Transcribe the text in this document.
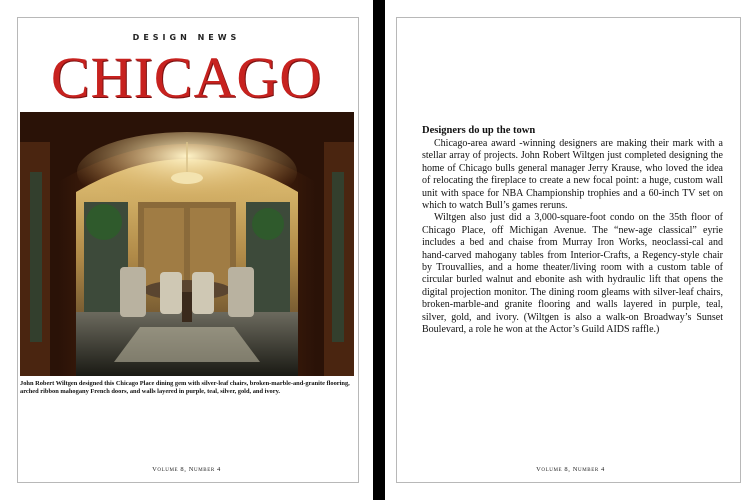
DESIGN NEWS
CHICAGO
John Robert Wiltgen designed this Chicago Place dining gem with silver-leaf chairs, broken-marble-and-granite flooring, arched ribbon mahogany French doors, and walls layered in purple, teal, silver, gold, and ivory.
Volume 8, Number 4
Designers do up the town

Chicago-area award -winning designers are making their mark with a stellar array of projects. John Robert Wiltgen just completed designing the home of Chicago bulls general manager Jerry Krause, who loved the idea of relocating the fireplace to create a new focal point: a huge, custom wall unit with space for NBA Championship trophies and a 60-inch TV set on which to watch Bull’s games reruns.

Wiltgen also just did a 3,000-square-foot condo on the 35th floor of Chicago Place, off Michigan Avenue. The “new-age classical” eyrie includes a bed and chaise from Murray Iron Works, neoclassi-cal and hand-carved mahogany tables from Interior-Crafts, a Regency-style chair by Trouvallies, and a home theater/living room with a custom table of circular burled walnut and ebonite ash with hydraulic lift that opens the digital projection monitor. The dining room gleams with silver-leaf chairs, broken-marble-and granite flooring and walls layered in purple, teal, silver, gold, and ivory. (Wiltgen is also a walk-on Broadway’s Sunset Boulevard, a role he won at the Actor’s Guild AIDS raffle.)

Volume 8, Number 4
